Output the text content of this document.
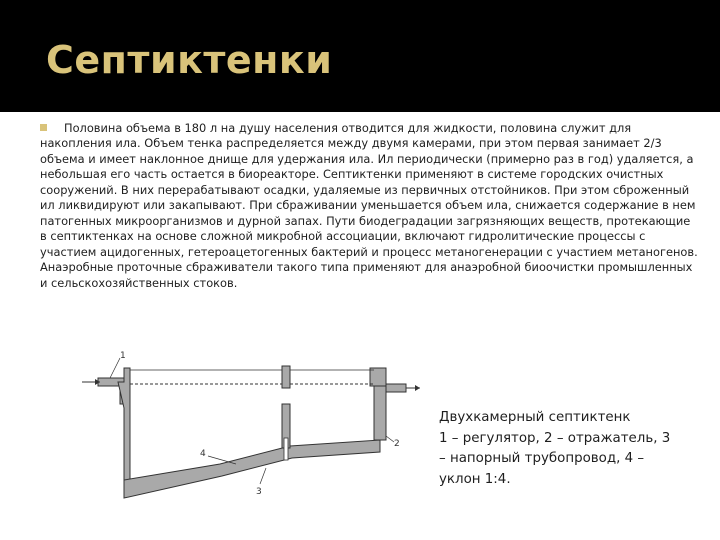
Септиктенки

Половина объема в 180 л на душу населения отводится для жидкости, половина служит для накопления ила. Объем тенка распределяется между двумя камерами, при этом первая занимает 2/3 объема и имеет наклонное днище для удержания ила. Ил периодически (примерно раз в год) удаляется, а небольшая его часть остается в биореакторе. Септиктенки применяют в системе городских очистных сооружений. В них перерабатывают осадки, удаляемые из первичных отстойников. При этом сброженный ил ликвидируют или закапывают. При сбраживании уменьшается объем ила, снижается содержание в нем патогенных микроорганизмов и дурной запах. Пути биодеградации загрязняющих веществ, протекающие в септиктенках на основе сложной микробной ассоциации, включают гидролитические процессы с участием ацидогенных, гетероацетогенных бактерий и процесс метаногенерации с участием метаногенов. Анаэробные проточные сбраживатели такого типа применяют для анаэробной биоочистки промышленных и сельскохозяйственных стоков.

1
2
3
4
Двухкамерный септиктенк
1 – регулятор, 2 – отражатель, 3
– напорный трубопровод, 4 –
уклон 1:4.
